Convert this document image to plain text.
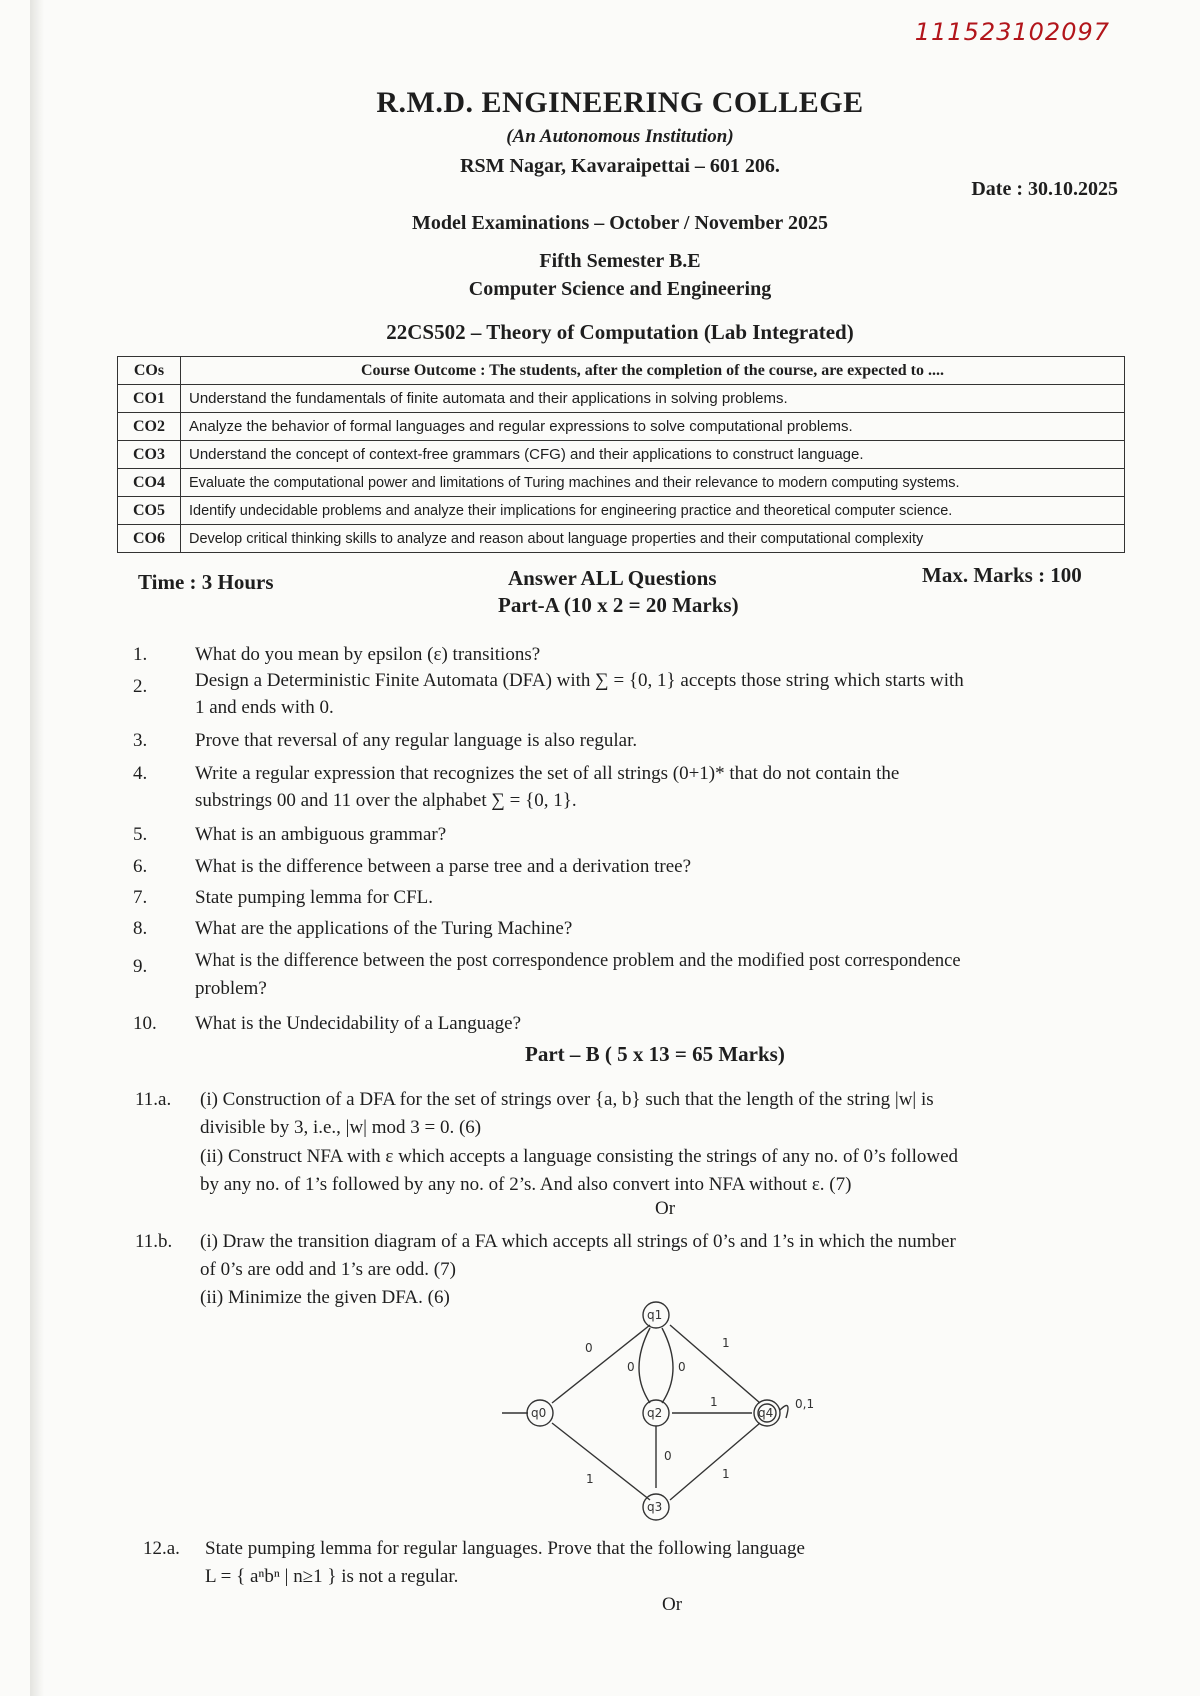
111523102097
R.M.D. ENGINEERING COLLEGE
(An Autonomous Institution)
RSM Nagar, Kavaraipettai – 601 206.
Date : 30.10.2025
Model Examinations – October / November 2025
Fifth Semester B.E
Computer Science and Engineering
22CS502 – Theory of Computation (Lab Integrated)
COs	Course Outcome : The students, after the completion of the course, are expected to ....
CO1	Understand the fundamentals of finite automata and their applications in solving problems.
CO2	Analyze the behavior of formal languages and regular expressions to solve computational problems.
CO3	Understand the concept of context-free grammars (CFG) and their applications to construct language.
CO4	Evaluate the computational power and limitations of Turing machines and their relevance to modern computing systems.
CO5	Identify undecidable problems and analyze their implications for engineering practice and theoretical computer science.
CO6	Develop critical thinking skills to analyze and reason about language properties and their computational complexity
Time : 3 Hours	Answer ALL Questions	Max. Marks : 100
Part-A (10 x 2 = 20 Marks)
1.	What do you mean by epsilon (ε) transitions?
2.	Design a Deterministic Finite Automata (DFA) with ∑ = {0, 1} accepts those string which starts with
1 and ends with 0.
3.	Prove that reversal of any regular language is also regular.
4.	Write a regular expression that recognizes the set of all strings (0+1)* that do not contain the
substrings 00 and 11 over the alphabet ∑ = {0, 1}.
5.	What is an ambiguous grammar?
6.	What is the difference between a parse tree and a derivation tree?
7.	State pumping lemma for CFL.
8.	What are the applications of the Turing Machine?
9.	What is the difference between the post correspondence problem and the modified post correspondence
problem?
10.	What is the Undecidability of a Language?
Part – B ( 5 x 13 = 65 Marks)
11.a.	(i) Construction of a DFA for the set of strings over {a, b} such that the length of the string |w| is
divisible by 3, i.e., |w| mod 3 = 0. (6)
(ii) Construct NFA with ε which accepts a language consisting the strings of any no. of 0’s followed
by any no. of 1’s followed by any no. of 2’s. And also convert into NFA without ε. (7)
Or
11.b.	(i) Draw the transition diagram of a FA which accepts all strings of 0’s and 1’s in which the number
of 0’s are odd and 1’s are odd. (7)
(ii) Minimize the given DFA. (6)
q0
q1
q2
q3
q4
0
0	0
1
1
1
0
1
0,1
12.a.	State pumping lemma for regular languages. Prove that the following language
L = { aⁿbⁿ | n≥1 } is not a regular.
Or
